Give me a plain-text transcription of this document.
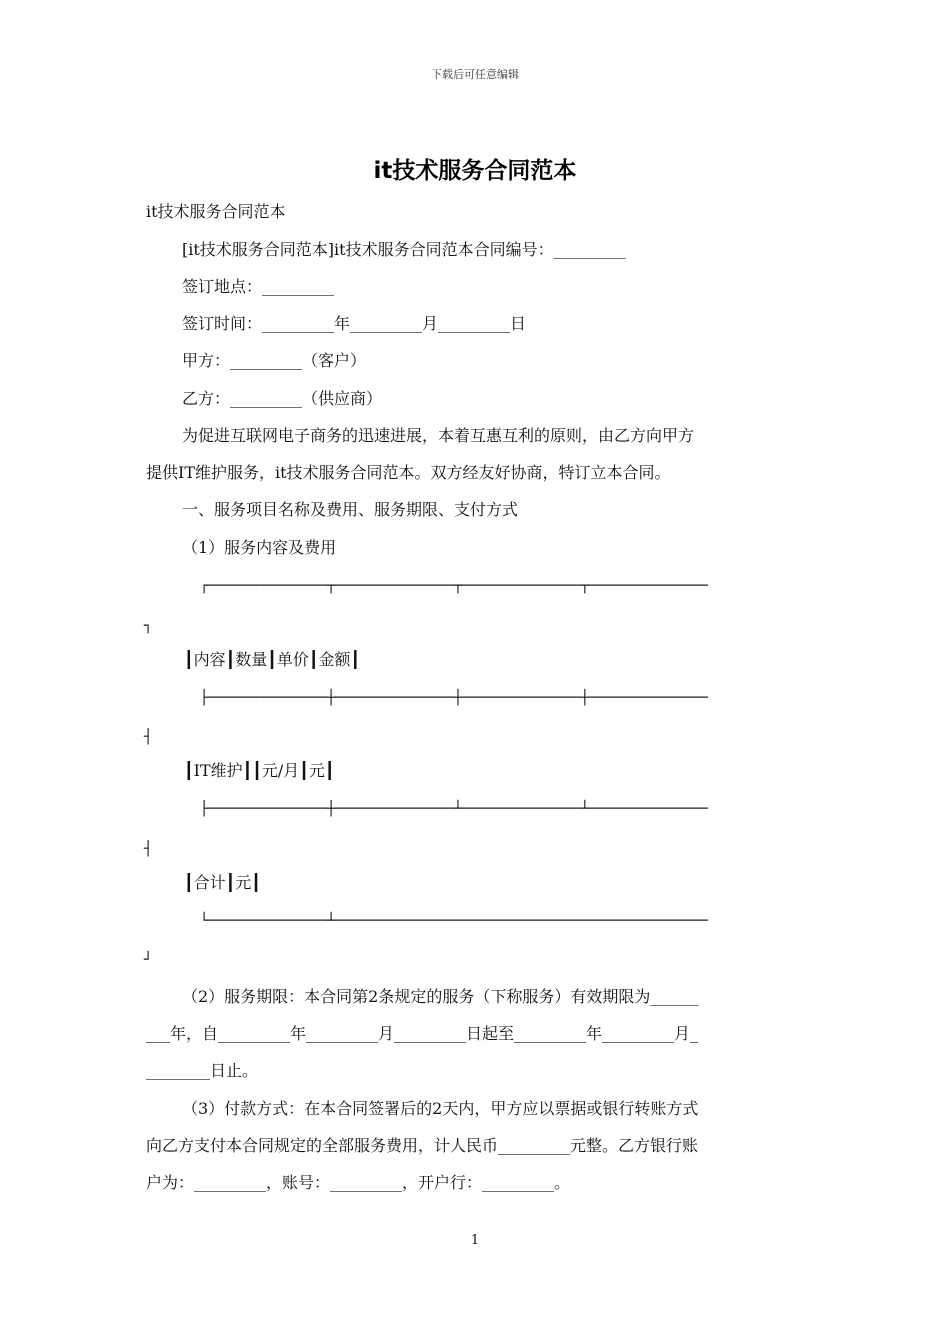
下载后可任意编辑
it技术服务合同范本
it技术服务合同范本
[it技术服务合同范本]it技术服务合同范本合同编号：_________
签订地点：_________
签订时间：_________年_________月_________日
甲方：_________（客户）
乙方：_________（供应商）
为促进互联网电子商务的迅速进展，本着互惠互利的原则，由乙方向甲方
提供IT维护服务，it技术服务合同范本。双方经友好协商，特订立本合同。
一、服务项目名称及费用、服务期限、支付方式
（1）服务内容及费用
┌───────────────┬───────────────┬───────────────┬───────────────
┐
┃内容┃数量┃单价┃金额┃
├───────────────┼───────────────┼───────────────┼───────────────
┤
┃IT维护┃┃元/月┃元┃
├───────────────┼───────────────┴───────────────┴───────────────
┤
┃合计┃元┃
└───────────────┴───────────────────────────────────────────────
┘
（2）服务期限：本合同第2条规定的服务（下称服务）有效期限为______
___年，自_________年_________月_________日起至_________年_________月_
________日止。
（3）付款方式：在本合同签署后的2天内，甲方应以票据或银行转账方式
向乙方支付本合同规定的全部服务费用，计人民币_________元整。乙方银行账
户为：_________，账号：_________，开户行：_________。
1
